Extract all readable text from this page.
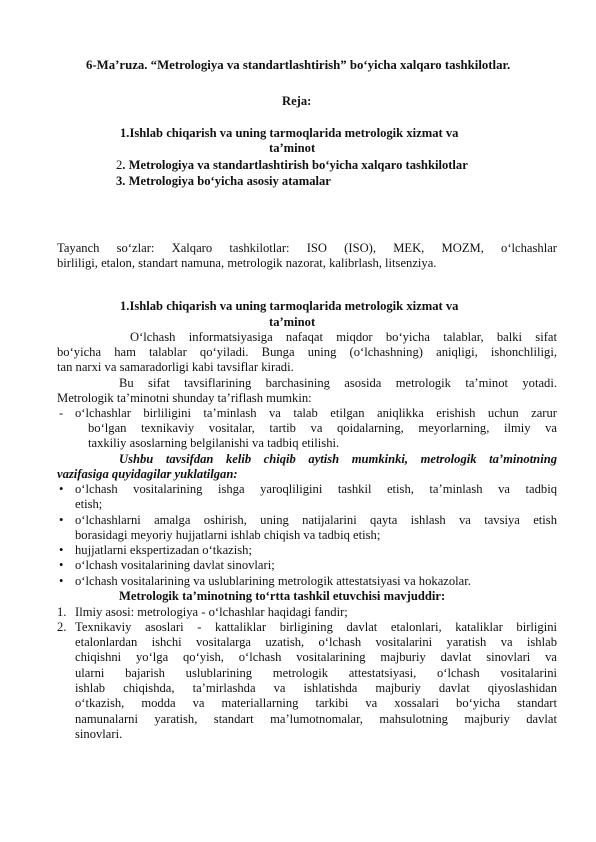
6-Ma’ruza. “Metrologiya va standartlashtirish” bo‘yicha xalqaro tashkilotlar.
Reja:
1.Ishlab chiqarish va uning tarmoqlarida metrologik xizmat va
ta’minot
2. Metrologiya va standartlashtirish bo‘yicha xalqaro tashkilotlar
3. Metrologiya bo‘yicha asosiy atamalar
Tayanch so‘zlar: Xalqaro tashkilotlar: ISO (ISO), MEK, MOZM, o‘lchashlar
birliligi, etalon, standart namuna, metrologik nazorat, kalibrlash, litsenziya.
1.Ishlab chiqarish va uning tarmoqlarida metrologik xizmat va
ta’minot
O‘lchash informatsiyasiga nafaqat miqdor bo‘yicha talablar, balki sifat
bo‘yicha ham talablar qo‘yiladi. Bunga uning (o‘lchashning) aniqligi, ishonchliligi,
tan narxi va samaradorligi kabi tavsiflar kiradi.
Bu sifat tavsiflarining barchasining asosida metrologik ta’minot yotadi.
Metrologik ta’minotni shunday ta’riflash mumkin:
- o‘lchashlar birliligini ta’minlash va talab etilgan aniqlikka erishish uchun zarur
bo‘lgan texnikaviy vositalar, tartib va qoidalarning, meyorlarning, ilmiy va
taxkiliy asoslarning belgilanishi va tadbiq etilishi.
Ushbu tavsifdan kelib chiqib aytish mumkinki, metrologik ta’minotning
vazifasiga quyidagilar yuklatilgan:
• o‘lchash vositalarining ishga yaroqliligini tashkil etish, ta’minlash va tadbiq
etish;
• o‘lchashlarni amalga oshirish, uning natijalarini qayta ishlash va tavsiya etish
borasidagi meyoriy hujjatlarni ishlab chiqish va tadbiq etish;
• hujjatlarni ekspertizadan o‘tkazish;
• o‘lchash vositalarining davlat sinovlari;
• o‘lchash vositalarining va uslublarining metrologik attestatsiyasi va hokazolar.
Metrologik ta’minotning to‘rtta tashkil etuvchisi mavjuddir:
1. Ilmiy asosi: metrologiya - o‘lchashlar haqidagi fandir;
2. Texnikaviy asoslari - kattaliklar birligining davlat etalonlari, kataliklar birligini
etalonlardan ishchi vositalarga uzatish, o‘lchash vositalarini yaratish va ishlab
chiqishni yo‘lga qo‘yish, o‘lchash vositalarining majburiy davlat sinovlari va
ularni bajarish uslublarining metrologik attestatsiyasi, o‘lchash vositalarini
ishlab chiqishda, ta’mirlashda va ishlatishda majburiy davlat qiyoslashidan
o‘tkazish, modda va materiallarning tarkibi va xossalari bo‘yicha standart
namunalarni yaratish, standart ma’lumotnomalar, mahsulotning majburiy davlat
sinovlari.
